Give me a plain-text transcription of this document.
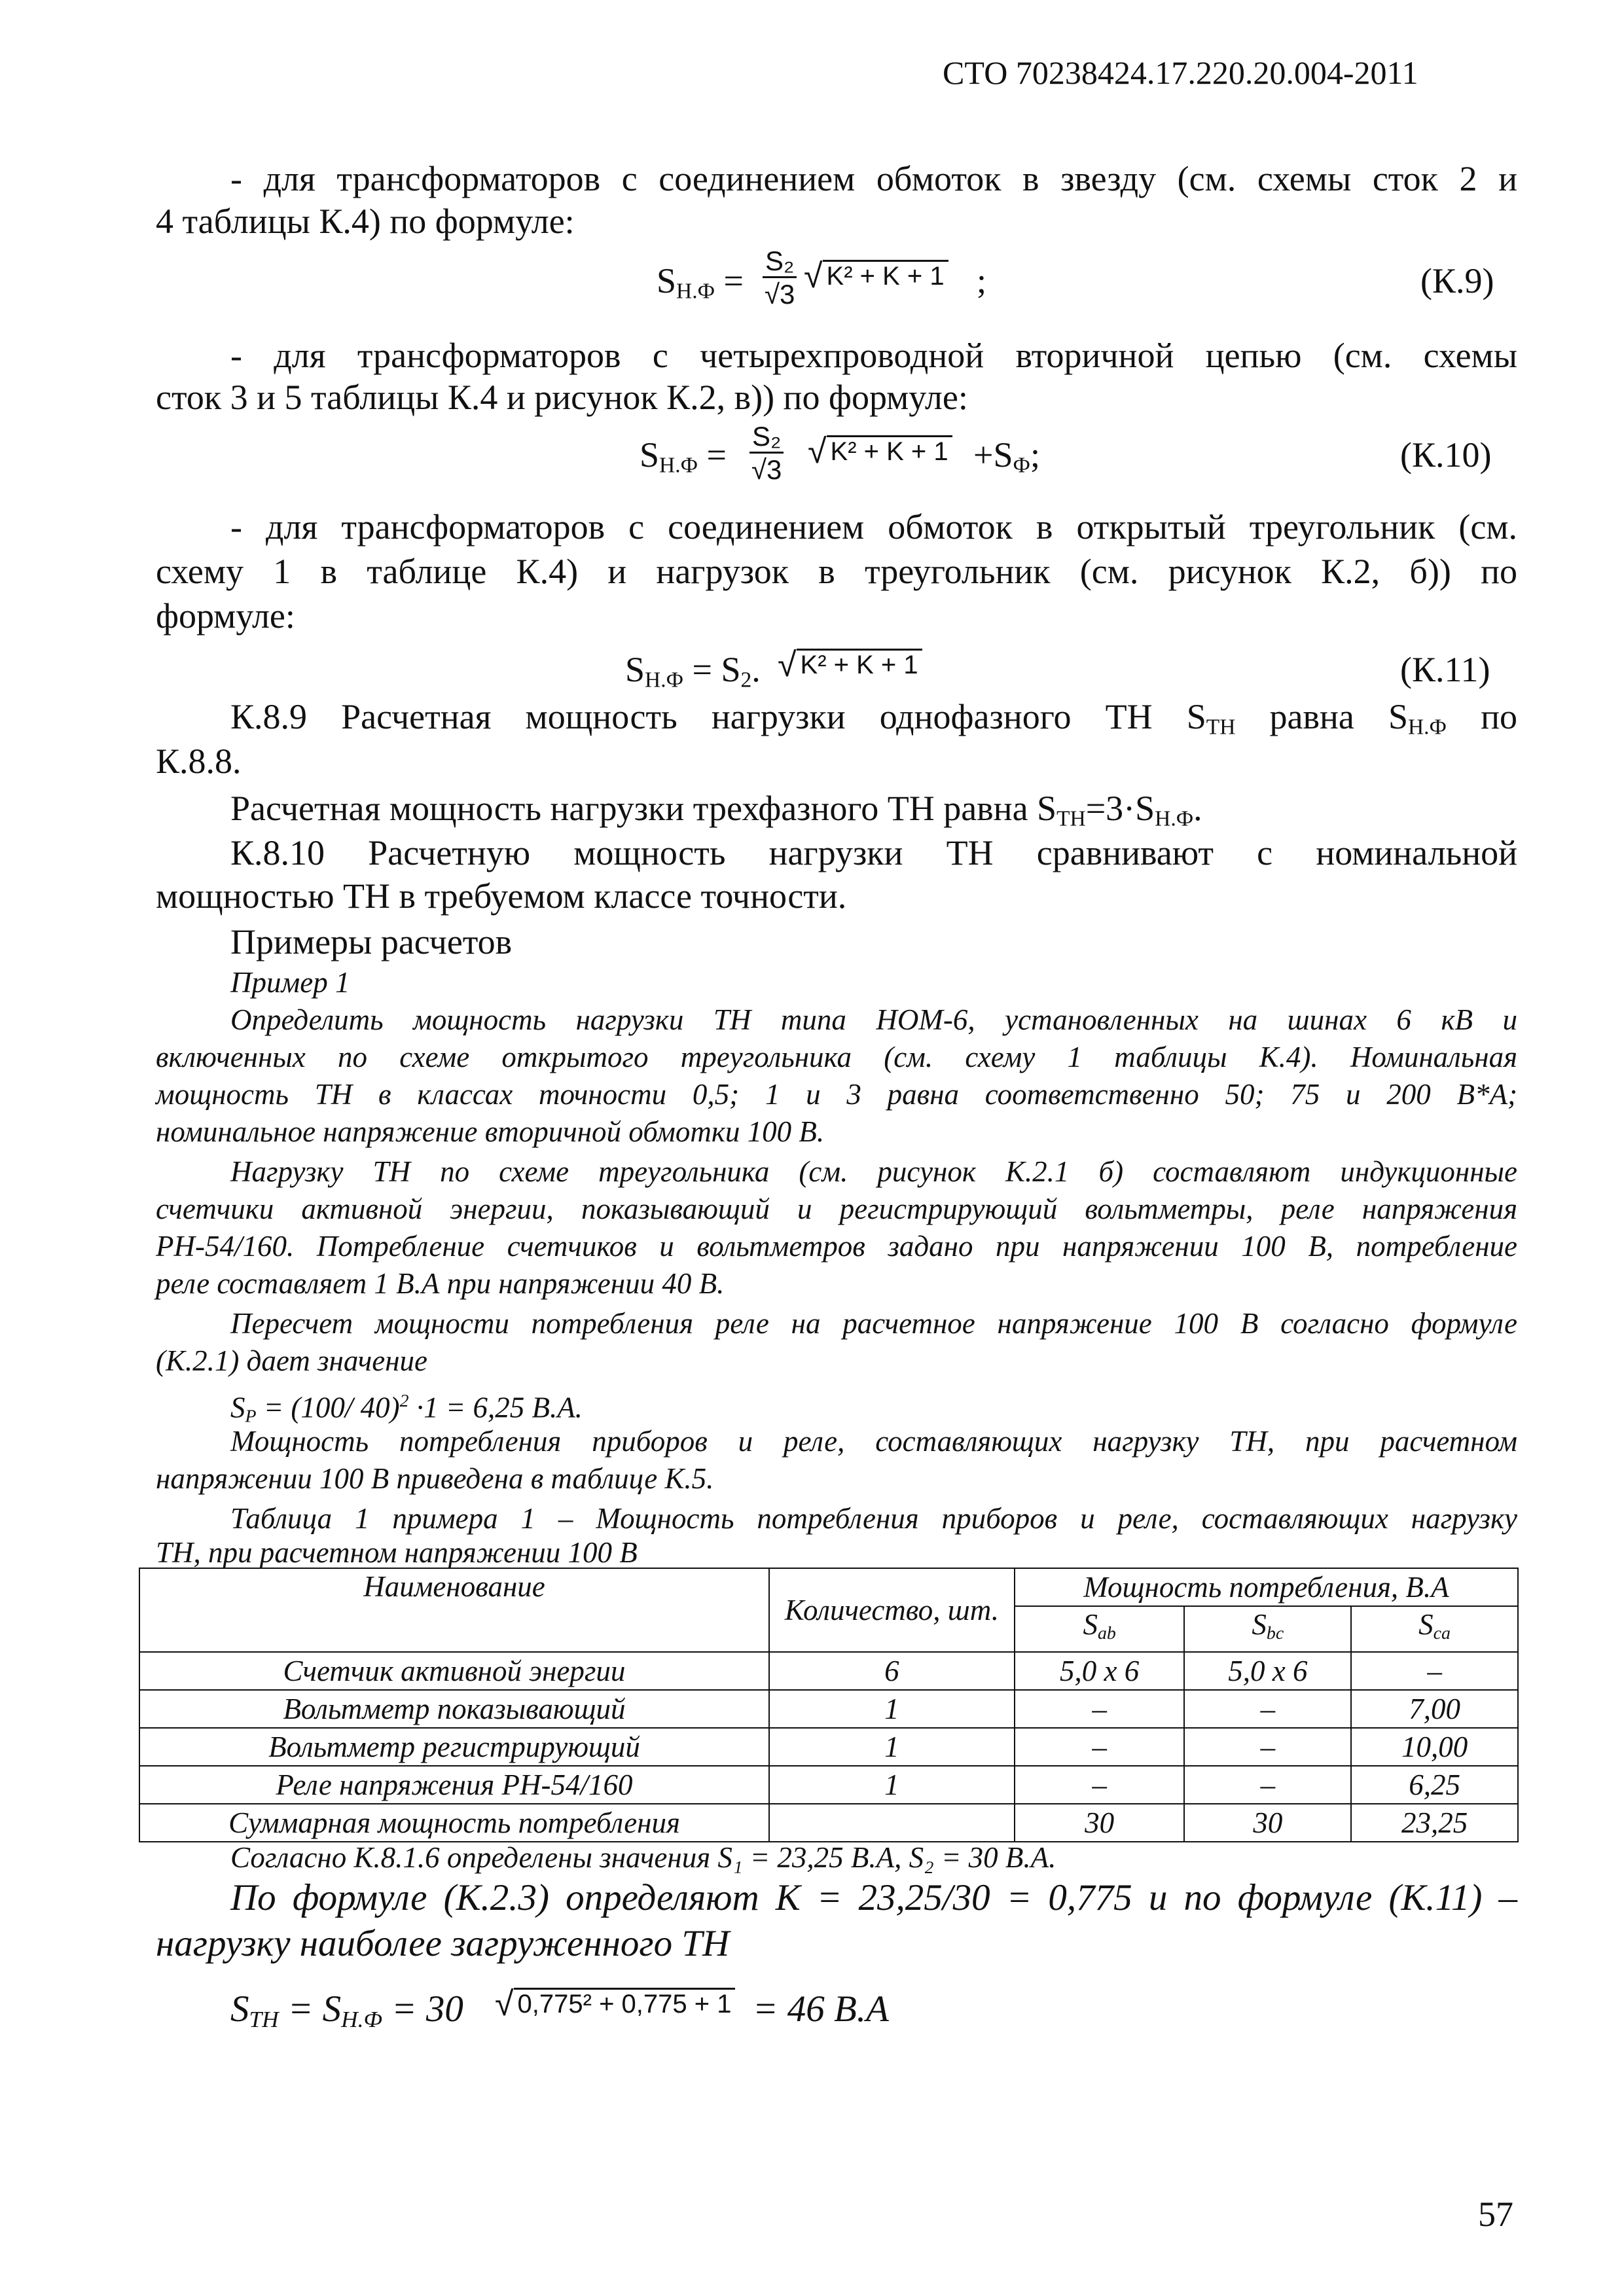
СТО 70238424.17.220.20.004-2011
- для трансформаторов с соединением обмоток в звезду (см. схемы сток 2 и
4 таблицы К.4) по формуле:
$S_{Н.Ф} = \frac{\text{S₂}}{√3}$ √ K² + K + 1 ;	(К.9)
- для трансформаторов с четырехпроводной вторичной цепью (см. схемы
сток 3 и 5 таблицы К.4 и рисунок К.2, в)) по формуле:
$S_{Н.Ф} = \frac{\text{S₂}}{√3}$ √ $K^2 + K + 1 +S_Ф$;	(К.10)
- для трансформаторов с соединением обмоток в открытый треугольник (см.
схему 1 в таблице К.4) и нагрузок в треугольник (см. рисунок К.2, б)) по
формуле:
$S_{Н.Ф} = S_2$. √ K² + K + 1	(К.11)
К.8.9 Расчетная мощность нагрузки однофазного ТН $S_{ТН}$ равна $S_{Н.Ф}$ по
К.8.8.
Расчетная мощность нагрузки трехфазного ТН равна $S_{ТН}=3\cdot S_{Н.Ф}$.
К.8.10 Расчетную мощность нагрузки ТН сравнивают с номинальной
мощностью ТН в требуемом классе точности.
Примеры расчетов
Пример 1
Определить мощность нагрузки ТН типа НОМ-6, установленных на шинах 6 кВ и
включенных по схеме открытого треугольника (см. схему 1 таблицы К.4). Номинальная
мощность ТН в классах точности 0,5; 1 и 3 равна соответственно 50; 75 и 200 В*А;
номинальное напряжение вторичной обмотки 100 В.
Нагрузку ТН по схеме треугольника (см. рисунок К.2.1 б) составляют индукционные
счетчики активной энергии, показывающий и регистрирующий вольтметры, реле напряжения
РН-54/160. Потребление счетчиков и вольтметров задано при напряжении 100 В, потребление
реле составляет 1 В.А при напряжении 40 В.
Пересчет мощности потребления реле на расчетное напряжение 100 В согласно формуле
(К.2.1) дает значение
$S_Р = (100/$ 40)$^2$ ·1 = 6,25 В.А.
Мощность потребления приборов и реле, составляющих нагрузку ТН, при расчетном
напряжении 100 В приведена в таблице К.5.
Таблица 1 примера 1 – Мощность потребления приборов и реле, составляющих нагрузку
ТН, при расчетном напряжении 100 В
Наименование	Количество, шт.	Мощность потребления, В.А		
		$S_{ab}$	$S_{bc}$	$S_{ca}$
Счетчик активной энергии	6	5,0 х 6	5,0 х 6	–
Вольтметр показывающий	1	–	–	7,00
Вольтметр регистрирующий	1	–	–	10,00
Реле напряжения РН-54/160	1	–	–	6,25
Суммарная мощность потребления		30	30	23,25
Согласно К.8.1.6 определены значения S₁ = 23,25 В.А, S₂ = 30 В.А.
По формуле (К.2.3) определяют К = 23,25/30 = 0,775 и по формуле (К.11) –
нагрузку наиболее загруженного ТН
$S_{TH} = S_{Н.Ф} = 30$ √ 0,775² + 0,775 + 1 = 46 В.А
57
